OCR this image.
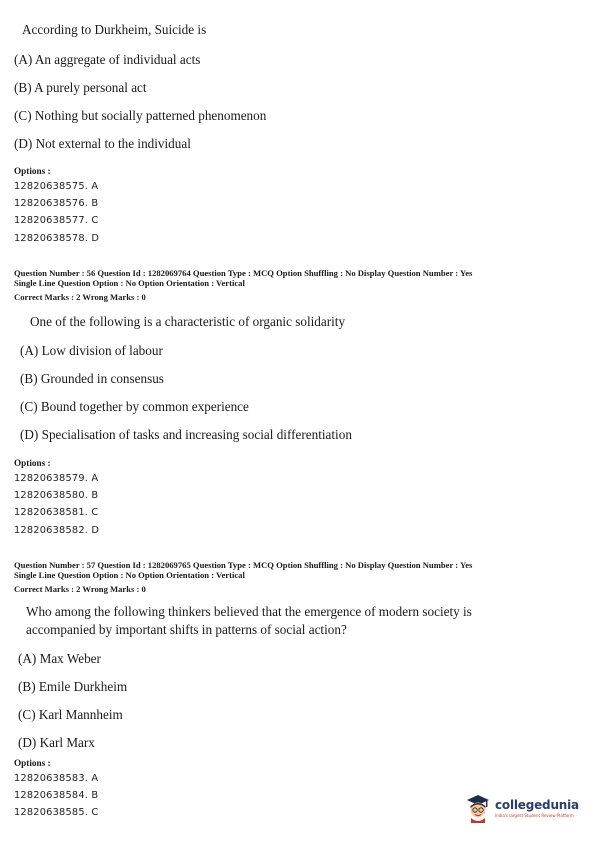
According to Durkheim, Suicide is
(A) An aggregate of individual acts
(B) A purely personal act
(C) Nothing but socially patterned phenomenon
(D) Not external to the individual
Options :
12820638575. A
12820638576. B
12820638577. C
12820638578. D
Question Number : 56 Question Id : 1282069764 Question Type : MCQ Option Shuffling : No Display Question Number : Yes
Single Line Question Option : No Option Orientation : Vertical
Correct Marks : 2 Wrong Marks : 0
One of the following is a characteristic of organic solidarity
(A) Low division of labour
(B) Grounded in consensus
(C) Bound together by common experience
(D) Specialisation of tasks and increasing social differentiation
Options :
12820638579. A
12820638580. B
12820638581. C
12820638582. D
Question Number : 57 Question Id : 1282069765 Question Type : MCQ Option Shuffling : No Display Question Number : Yes
Single Line Question Option : No Option Orientation : Vertical
Correct Marks : 2 Wrong Marks : 0
Who among the following thinkers believed that the emergence of modern society is
accompanied by important shifts in patterns of social action?
(A) Max Weber
(B) Emile Durkheim
(C) Karl Mannheim
(D) Karl Marx
Options :
12820638583. A
12820638584. B
12820638585. C
collegedunia
India's largest Student Review Platform
